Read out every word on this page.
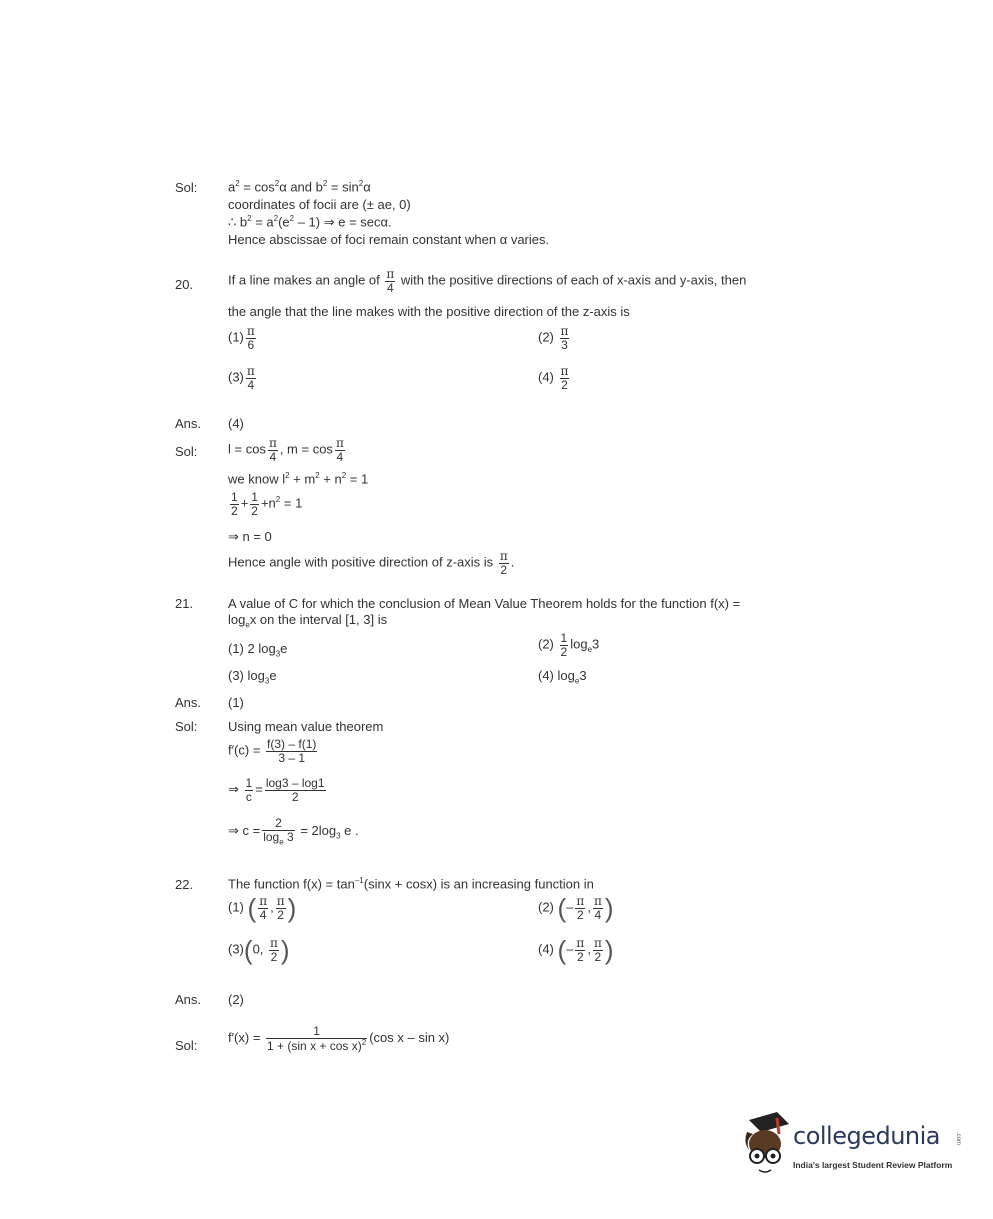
Sol: $a^2 = \cos^2\alpha$ and $b^2 = \sin^2\alpha$
coordinates of focii are (± ae, 0)
∴ $b^2 = a^2(e^2 - 1)$ ⇒ e = secα.
Hence abscissae of foci remain constant when α varies.
20.	If a line makes an angle of $\frac{\pi}{4}$ with the positive directions of each of x-axis and y-axis, then
the angle that the line makes with the positive direction of the z-axis is
$(1) \frac{\pi}{6}$	$(2) \frac{\pi}{3}$
$(3) \frac{\pi}{4}$	$(4) \frac{\pi}{2}$
Ans. (4)
Sol: $l = \cos \frac{\pi}{4}$ , $m = \cos \frac{\pi}{4}$
we know $l^2 + m^2 + n^2 = 1$
$\frac{1}{2} + \frac{1}{2} +n^2 = 1$
⇒ n = 0
Hence angle with positive direction of z-axis is $\frac{\pi}{2}$ .
21.	A value of C for which the conclusion of Mean Value Theorem holds for the function f(x) =
$\log_ex$ on the interval [1, 3] is
(1) 2 $\log_3e$	$(2) \frac{1}{2} \log_e3$
(3) $\log_3e$	(4) $\log_e3$
Ans. (1)
Sol: Using mean value theorem
$f'(c) = \frac{f(3) - f(1)}{3 - 1}$
⇒ $\frac{1}{c} = \frac{\log 3 - \log 1}{2}$
⇒ $c = \frac{2}{\log_e 3} = 2\log_3$ e .
22.	The function $f(x) = \tan^{-1}(\sin x + \cos x)$ is an increasing function in
(1) ( $\frac{\pi}{4}$ , $\frac{\pi}{2}$ )	(2) (– $\frac{\pi}{2}$ , $\frac{\pi}{4}$ )
(3)(0, $\frac{\pi}{2}$ )	(4) (– $\frac{\pi}{2}$ , $\frac{\pi}{2}$ )
Ans. (2)
Sol:
$f'(x) = \frac{1}{1 + (\sin x + \cos x)^2} (\cos$ x – sin x)
collegedunia .com
India's largest Student Review Platform
